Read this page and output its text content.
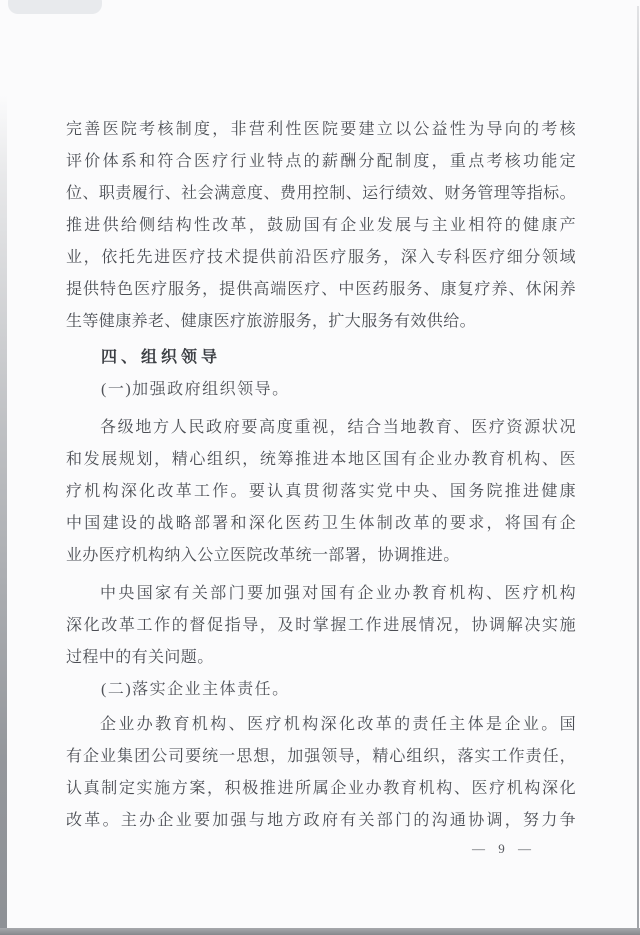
完善医院考核制度，非营利性医院要建立以公益性为导向的考核
评价体系和符合医疗行业特点的薪酬分配制度，重点考核功能定
位、职责履行、社会满意度、费用控制、运行绩效、财务管理等指标。
推进供给侧结构性改革，鼓励国有企业发展与主业相符的健康产
业，依托先进医疗技术提供前沿医疗服务，深入专科医疗细分领域
提供特色医疗服务，提供高端医疗、中医药服务、康复疗养、休闲养
生等健康养老、健康医疗旅游服务，扩大服务有效供给。
四、组织领导
(一)加强政府组织领导。
各级地方人民政府要高度重视，结合当地教育、医疗资源状况
和发展规划，精心组织，统筹推进本地区国有企业办教育机构、医
疗机构深化改革工作。要认真贯彻落实党中央、国务院推进健康
中国建设的战略部署和深化医药卫生体制改革的要求，将国有企
业办医疗机构纳入公立医院改革统一部署，协调推进。
中央国家有关部门要加强对国有企业办教育机构、医疗机构
深化改革工作的督促指导，及时掌握工作进展情况，协调解决实施
过程中的有关问题。
(二)落实企业主体责任。
企业办教育机构、医疗机构深化改革的责任主体是企业。国
有企业集团公司要统一思想，加强领导，精心组织，落实工作责任，
认真制定实施方案，积极推进所属企业办教育机构、医疗机构深化
改革。主办企业要加强与地方政府有关部门的沟通协调，努力争
— 9 —
